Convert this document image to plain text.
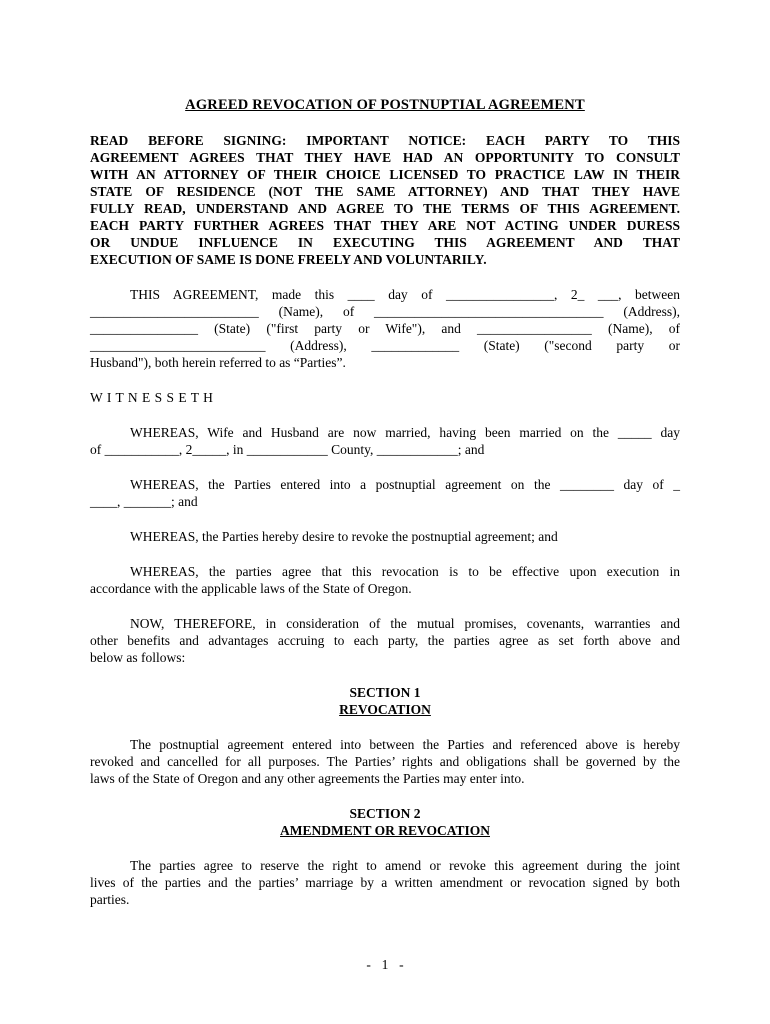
AGREED REVOCATION OF POSTNUPTIAL AGREEMENT
READ BEFORE SIGNING: IMPORTANT NOTICE: EACH PARTY TO THIS
AGREEMENT AGREES THAT THEY HAVE HAD AN OPPORTUNITY TO CONSULT
WITH AN ATTORNEY OF THEIR CHOICE LICENSED TO PRACTICE LAW IN THEIR
STATE OF RESIDENCE (NOT THE SAME ATTORNEY) AND THAT THEY HAVE
FULLY READ, UNDERSTAND AND AGREE TO THE TERMS OF THIS AGREEMENT.
EACH PARTY FURTHER AGREES THAT THEY ARE NOT ACTING UNDER DURESS
OR UNDUE INFLUENCE IN EXECUTING THIS AGREEMENT AND THAT
EXECUTION OF SAME IS DONE FREELY AND VOLUNTARILY.
THIS AGREEMENT, made this ____ day of ________________, 2_ ___, between
_________________________ (Name), of __________________________________ (Address),
________________ (State) ("first party or Wife"), and _________________ (Name), of
__________________________ (Address), _____________ (State) ("second party or
Husband"), both herein referred to as “Parties”.
W I T N E S S E T H
WHEREAS, Wife and Husband are now married, having been married on the _____ day
of ___________, 2_____, in ____________ County, ____________; and
WHEREAS, the Parties entered into a postnuptial agreement on the ________ day of _
____, _______; and
WHEREAS, the Parties hereby desire to revoke the postnuptial agreement; and
WHEREAS, the parties agree that this revocation is to be effective upon execution in
accordance with the applicable laws of the State of Oregon.
NOW, THEREFORE, in consideration of the mutual promises, covenants, warranties and
other benefits and advantages accruing to each party, the parties agree as set forth above and
below as follows:
SECTION 1
REVOCATION
The postnuptial agreement entered into between the Parties and referenced above is hereby
revoked and cancelled for all purposes. The Parties’ rights and obligations shall be governed by the
laws of the State of Oregon and any other agreements the Parties may enter into.
SECTION 2
AMENDMENT OR REVOCATION
The parties agree to reserve the right to amend or revoke this agreement during the joint
lives of the parties and the parties’ marriage by a written amendment or revocation signed by both
parties.
-  1  -
